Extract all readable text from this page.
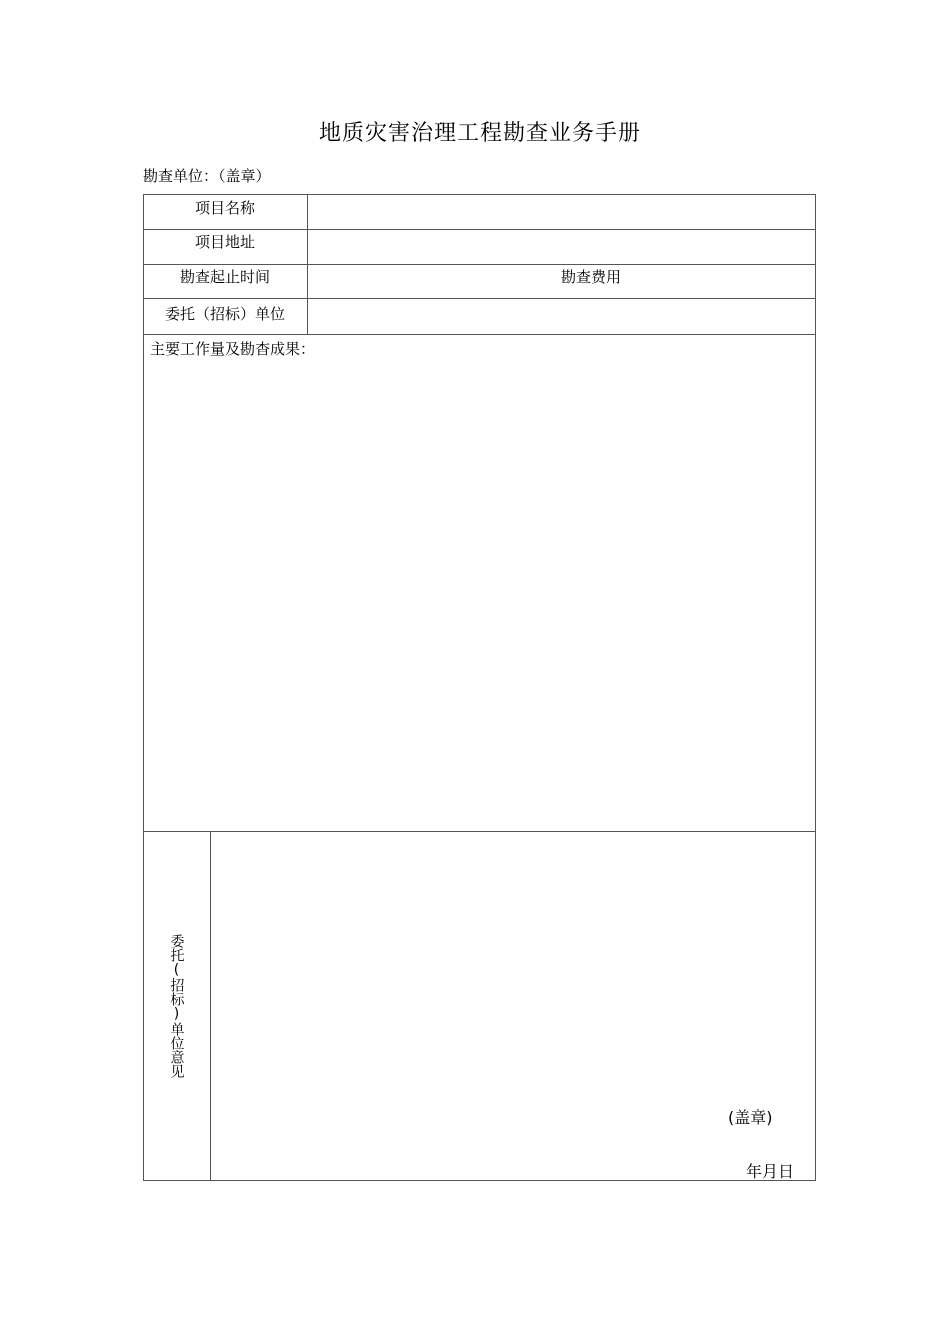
地质灾害治理工程勘查业务手册
勘查单位：（盖章）
项目名称
项目地址
勘查起止时间	勘查费用
委托（招标）单位
主要工作量及勘杳成果：
委托(招标)单位意见
(盖章)
年月日
